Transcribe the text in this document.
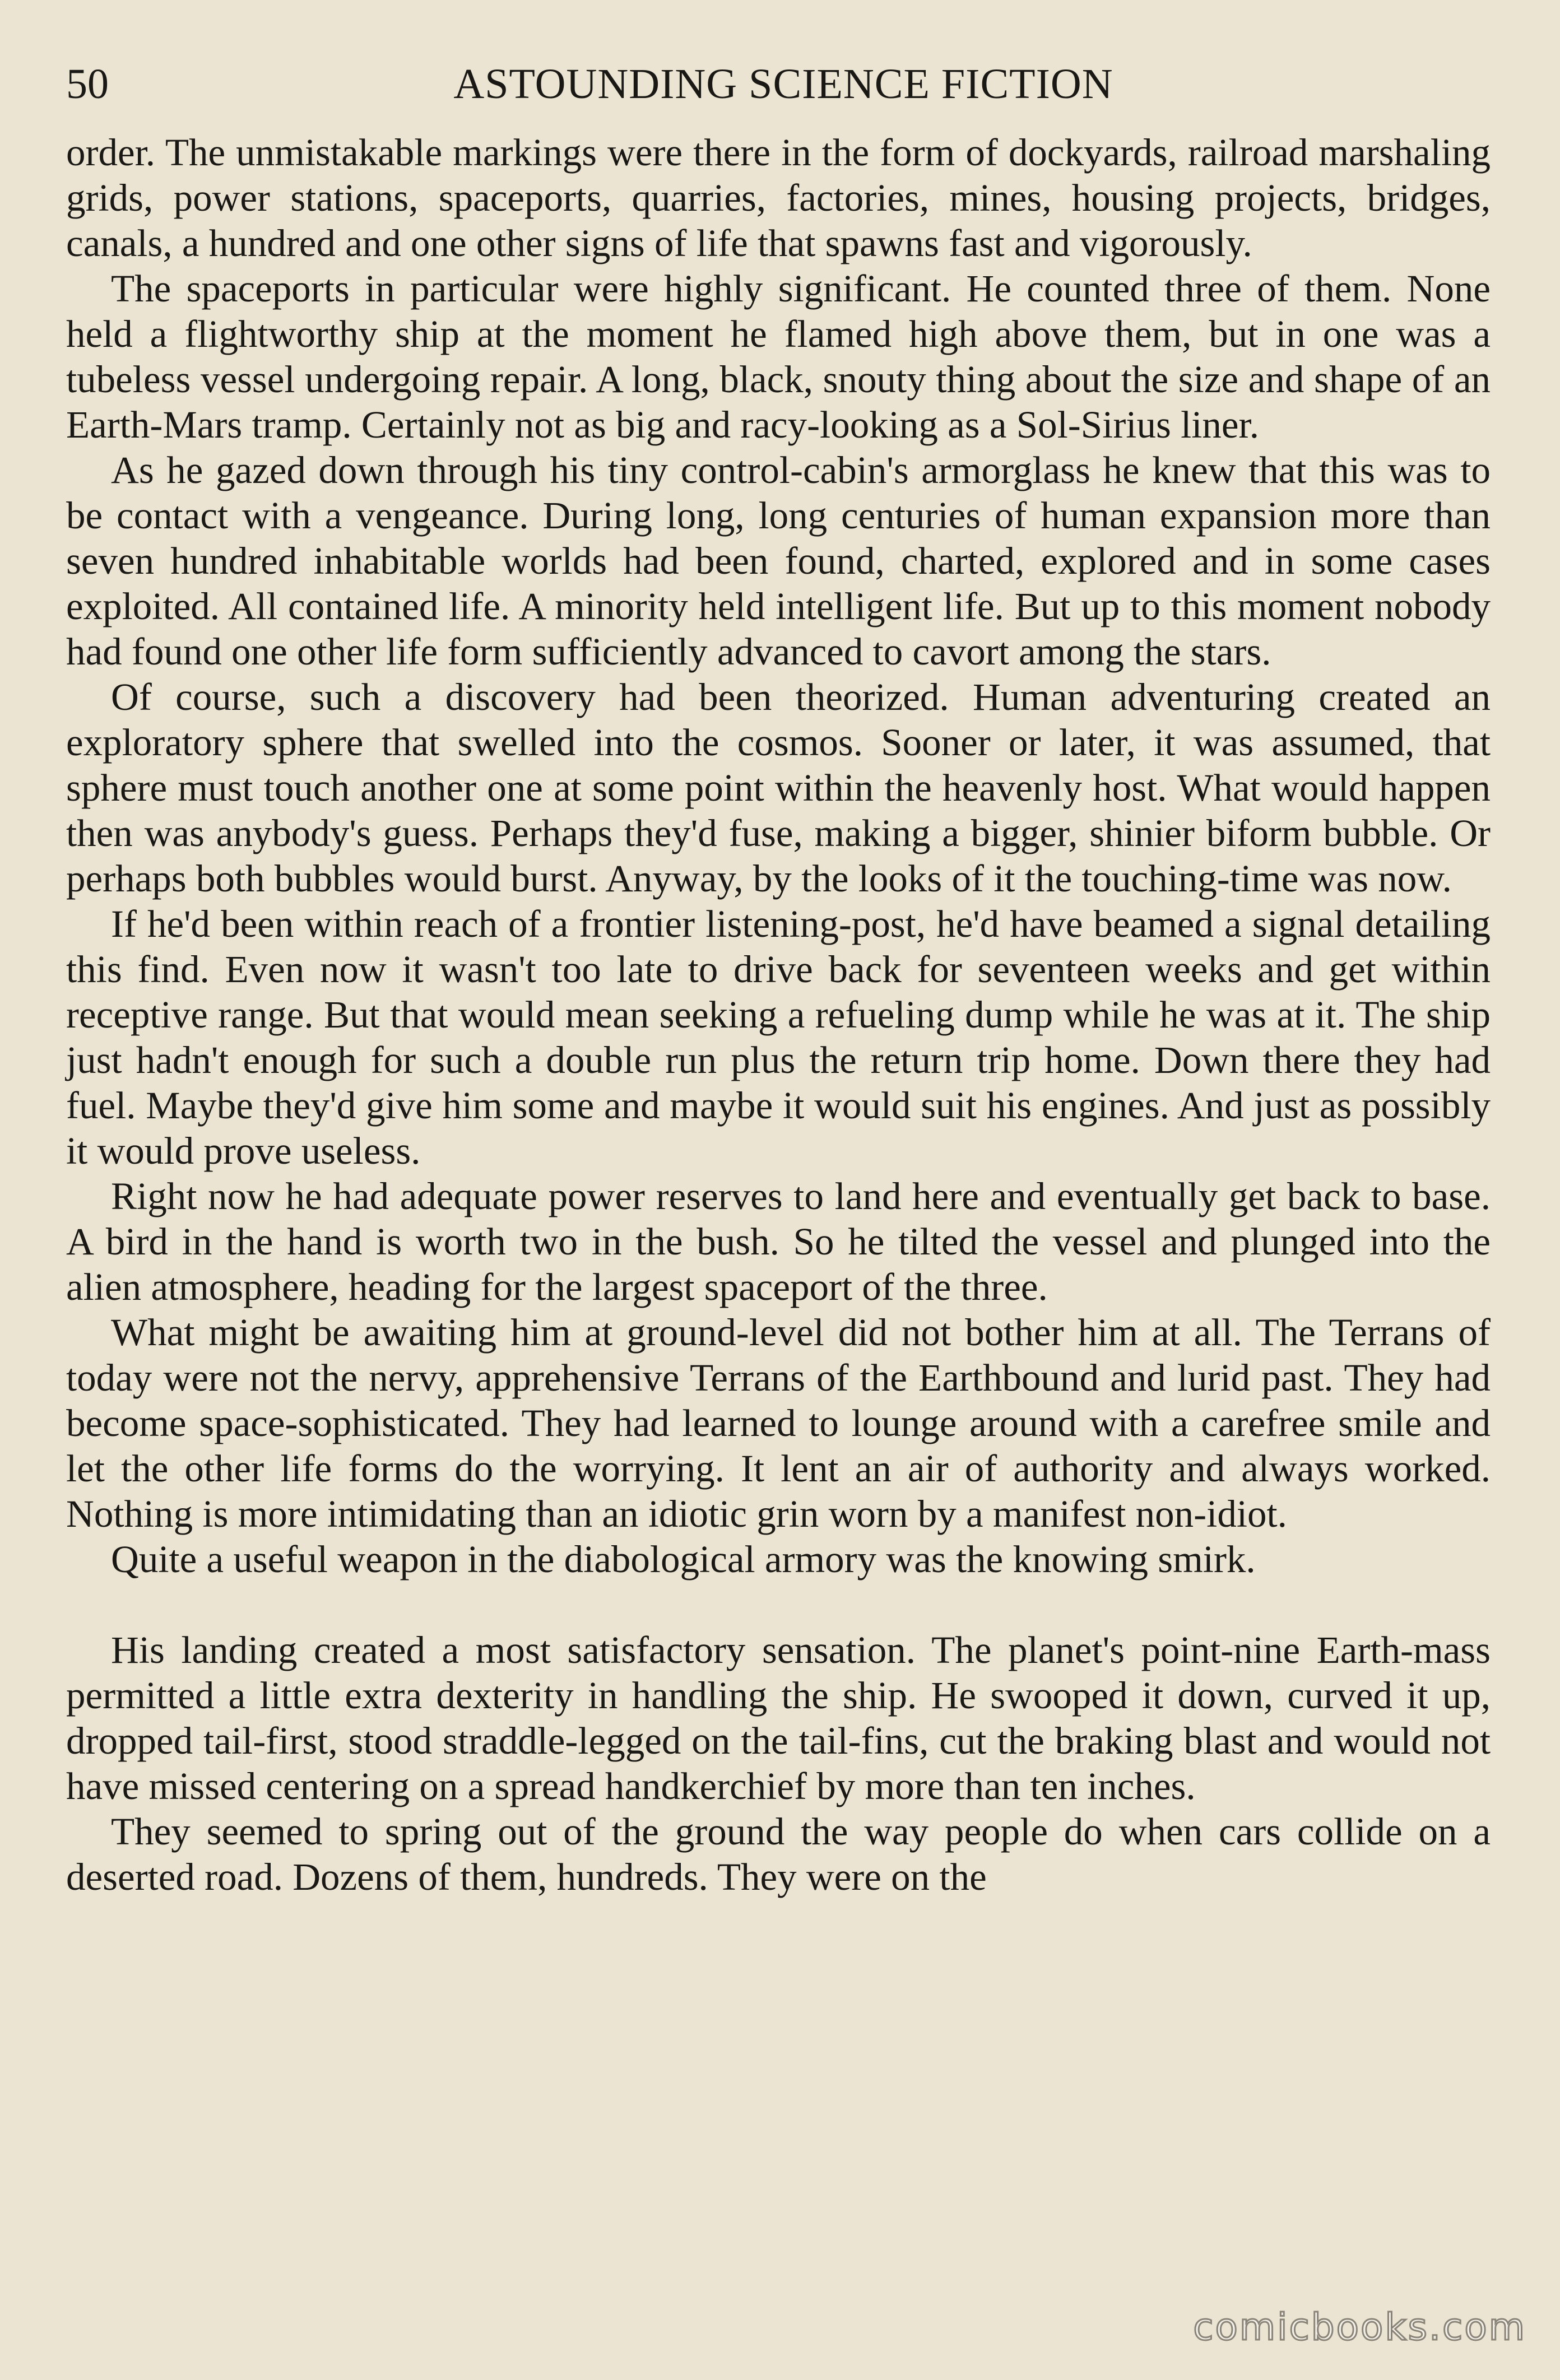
50	ASTOUNDING SCIENCE FICTION

order. The unmistakable markings were there in the form of dockyards, railroad marshaling grids, power stations, spaceports, quarries, factories, mines, housing projects, bridges, canals, a hundred and one other signs of life that spawns fast and vigorously.

The spaceports in particular were highly significant. He counted three of them. None held a flightworthy ship at the moment he flamed high above them, but in one was a tubeless vessel undergoing repair. A long, black, snouty thing about the size and shape of an Earth-Mars tramp. Certainly not as big and racy-looking as a Sol-Sirius liner.

As he gazed down through his tiny control-cabin's armorglass he knew that this was to be contact with a vengeance. During long, long centuries of human expansion more than seven hundred inhabitable worlds had been found, charted, explored and in some cases exploited. All contained life. A minority held intelligent life. But up to this moment nobody had found one other life form sufficiently advanced to cavort among the stars.

Of course, such a discovery had been theorized. Human adventuring created an exploratory sphere that swelled into the cosmos. Sooner or later, it was assumed, that sphere must touch another one at some point within the heavenly host. What would happen then was anybody's guess. Perhaps they'd fuse, making a bigger, shinier biform bubble. Or perhaps both bubbles would burst. Anyway, by the looks of it the touching-time was now.

If he'd been within reach of a frontier listening-post, he'd have beamed a signal detailing this find. Even now it wasn't too late to drive back for seventeen weeks and get within receptive range. But that would mean seeking a refueling dump while he was at it. The ship just hadn't enough for such a double run plus the return trip home. Down there they had fuel. Maybe they'd give him some and maybe it would suit his engines. And just as possibly it would prove useless.

Right now he had adequate power reserves to land here and eventually get back to base. A bird in the hand is worth two in the bush. So he tilted the vessel and plunged into the alien atmosphere, heading for the largest spaceport of the three.

What might be awaiting him at ground-level did not bother him at all. The Terrans of today were not the nervy, apprehensive Terrans of the Earthbound and lurid past. They had become space-sophisticated. They had learned to lounge around with a carefree smile and let the other life forms do the worrying. It lent an air of authority and always worked. Nothing is more intimidating than an idiotic grin worn by a manifest non-idiot.

Quite a useful weapon in the diabological armory was the knowing smirk.

His landing created a most satisfactory sensation. The planet's point-nine Earth-mass permitted a little extra dexterity in handling the ship. He swooped it down, curved it up, dropped tail-first, stood straddle-legged on the tail-fins, cut the braking blast and would not have missed centering on a spread handkerchief by more than ten inches.

They seemed to spring out of the ground the way people do when cars collide on a deserted road. Dozens of them, hundreds. They were on the

comicbooks.com
